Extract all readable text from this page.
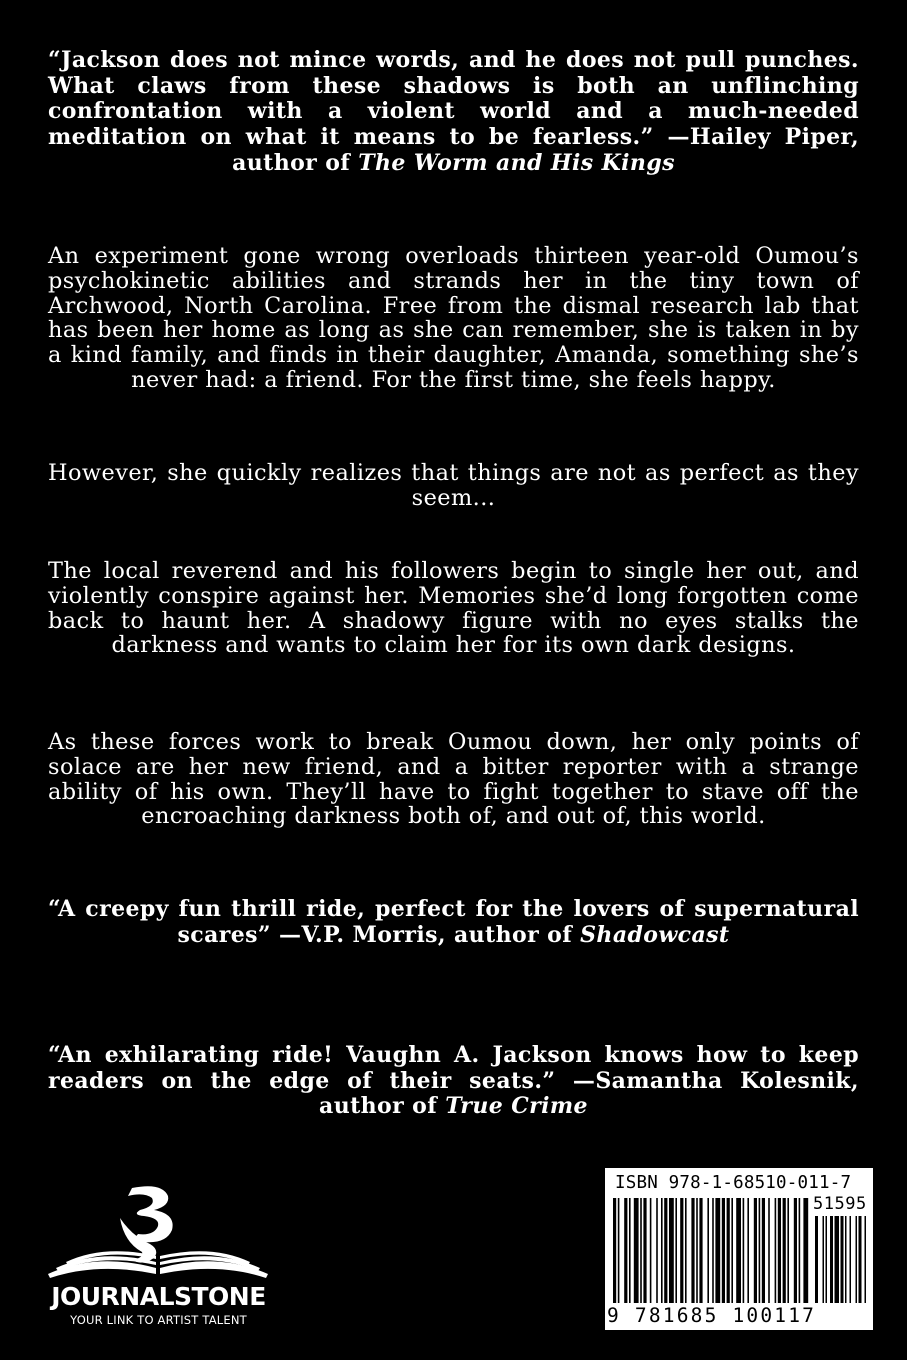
“Jackson does not mince words, and he does not pull punches. What claws from these shadows is both an unflinching confrontation with a violent world and a much-needed meditation on what it means to be fearless.” —Hailey Piper, author of The Worm and His Kings

An experiment gone wrong overloads thirteen year-old Oumou’s psychokinetic abilities and strands her in the tiny town of Archwood, North Carolina. Free from the dismal research lab that has been her home as long as she can remember, she is taken in by a kind family, and finds in their daughter, Amanda, something she’s never had: a friend. For the first time, she feels happy.

However, she quickly realizes that things are not as perfect as they seem...

The local reverend and his followers begin to single her out, and violently conspire against her. Memories she’d long forgotten come back to haunt her. A shadowy figure with no eyes stalks the darkness and wants to claim her for its own dark designs.

As these forces work to break Oumou down, her only points of solace are her new friend, and a bitter reporter with a strange ability of his own. They’ll have to fight together to stave off the encroaching darkness both of, and out of, this world.

“A creepy fun thrill ride, perfect for the lovers of supernatural scares” —V.P. Morris, author of Shadowcast

“An exhilarating ride! Vaughn A. Jackson knows how to keep readers on the edge of their seats.” —Samantha Kolesnik, author of True Crime

JOURNALSTONE
YOUR LINK TO ARTIST TALENT
ISBN 978-1-68510-011-7
51595
9 781685 100117
